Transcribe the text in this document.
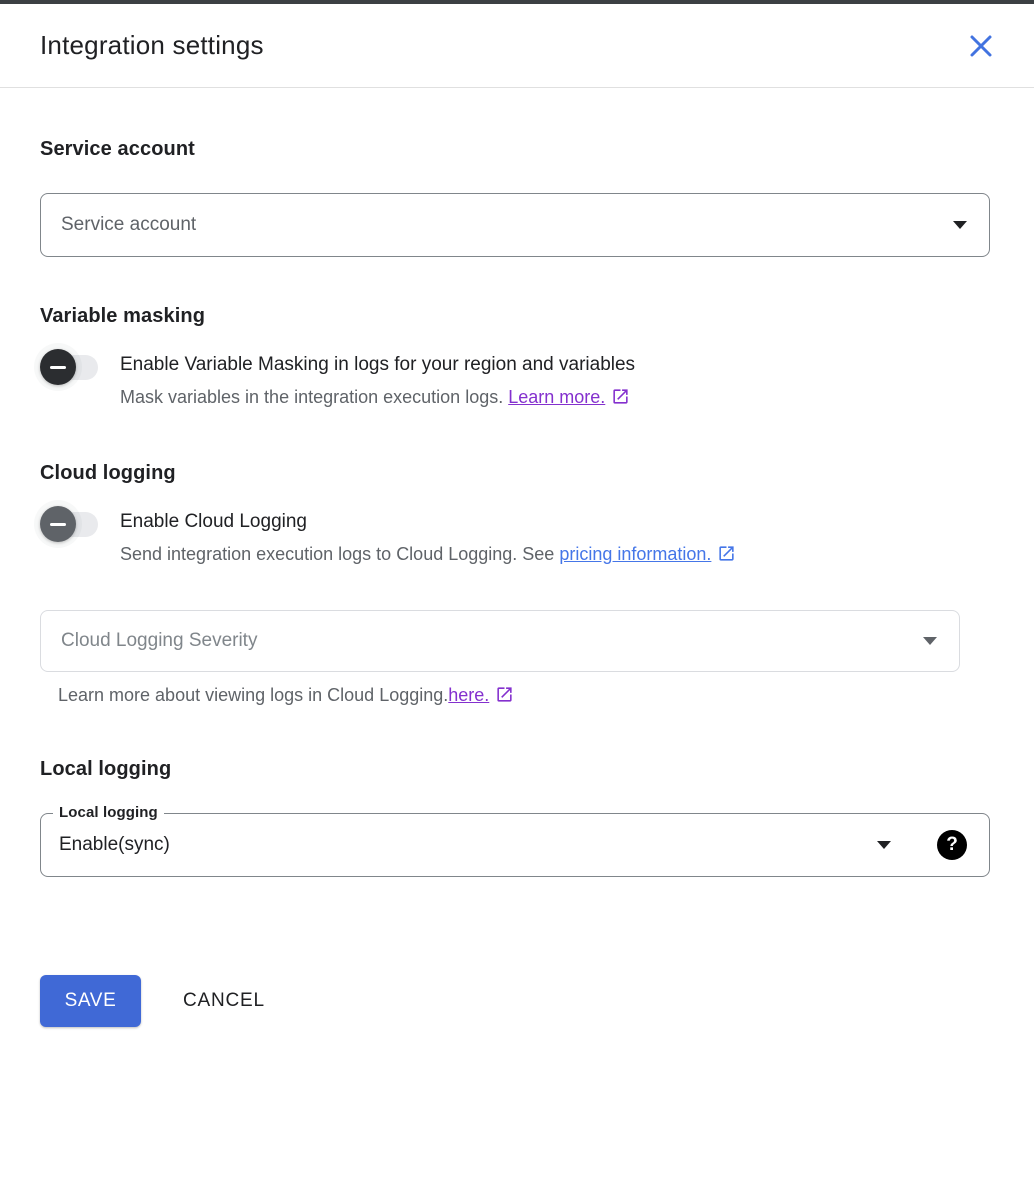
Integration settings
Service account
Service account
Variable masking
Enable Variable Masking in logs for your region and variables

Mask variables in the integration execution logs. Learn more.

Cloud logging
Enable Cloud Logging

Send integration execution logs to Cloud Logging. See pricing information.

Cloud Logging Severity

Learn more about viewing logs in Cloud Logging.here.

Local logging
Local logging
Enable(sync)	?
SAVE	CANCEL
